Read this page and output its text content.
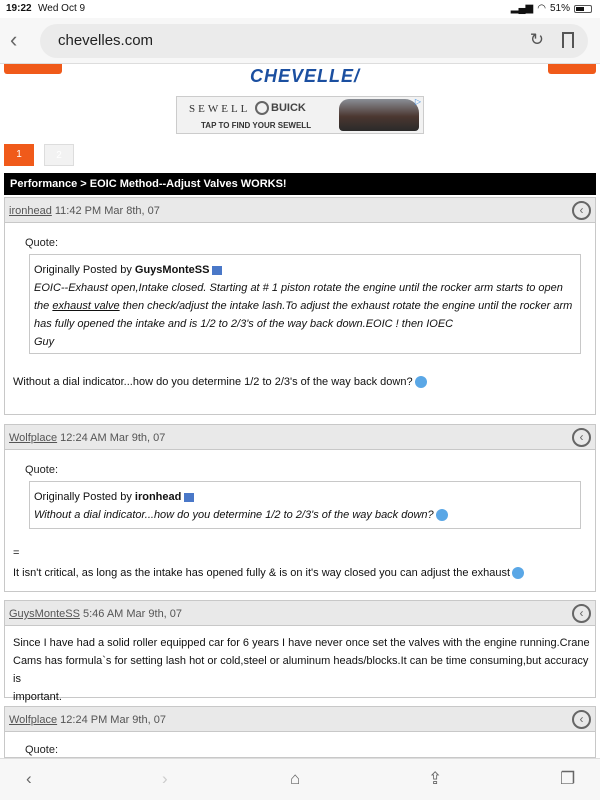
19:22 Wed Oct 9	▂▄▆ ◠ 51%
‹	chevelles.com	↻
CHEVELLE/
SEWELL BUICK
TAP TO FIND YOUR SEWELL
▷
1	2
Performance > EOIC Method--Adjust Valves WORKS!
ironhead 11:42 PM Mar 8th, 07	‹
Quote:
Originally Posted by GuysMonteSS
EOIC--Exhaust open,Intake closed. Starting at # 1 piston rotate the engine until the rocker arm starts to open
the exhaust valve then check/adjust the intake lash.To adjust the exhaust rotate the engine until the rocker arm
has fully opened the intake and is 1/2 to 2/3's of the way back down.EOIC ! then IOEC
Guy
Without a dial indicator...how do you determine 1/2 to 2/3's of the way back down?
Wolfplace 12:24 AM Mar 9th, 07	‹
Quote:
Originally Posted by ironhead
Without a dial indicator...how do you determine 1/2 to 2/3's of the way back down?
=
It isn't critical, as long as the intake has opened fully & is on it's way closed you can adjust the exhaust
GuysMonteSS 5:46 AM Mar 9th, 07	‹
Since I have had a solid roller equipped car for 6 years I have never once set the valves with the engine running.Crane
Cams has formula`s for setting lash hot or cold,steel or aluminum heads/blocks.It can be time consuming,but accuracy is
important.
Wolfplace 12:24 PM Mar 9th, 07	‹
Quote:
‹	›	⌂	⇪	❐
